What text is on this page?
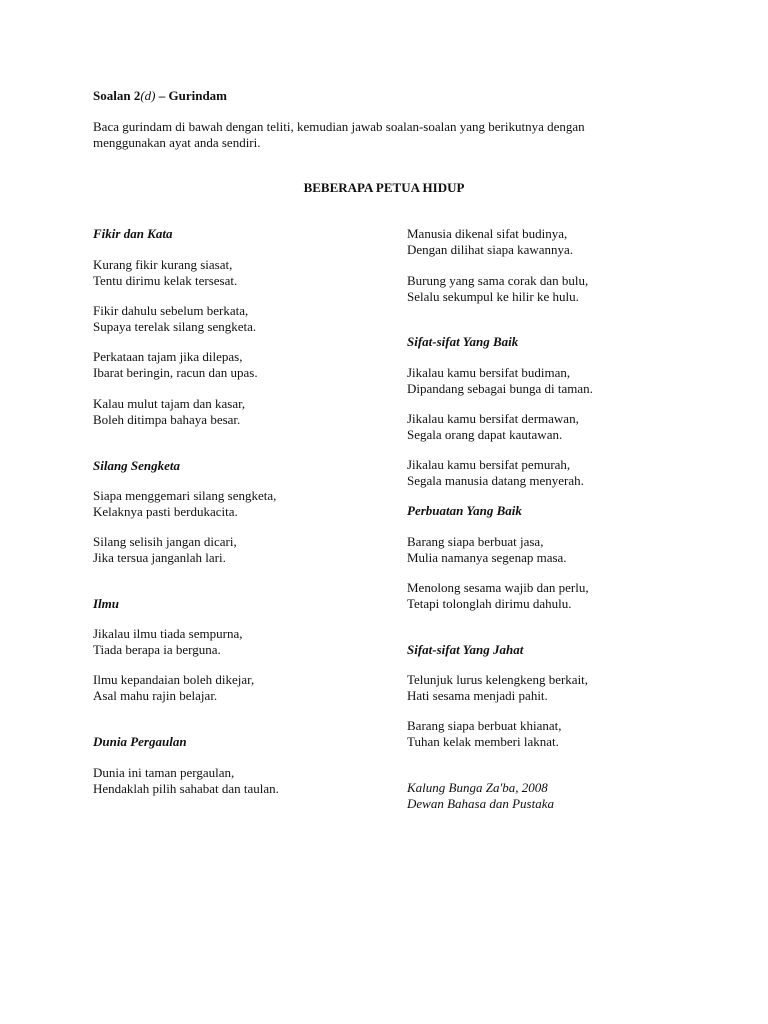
Soalan 2(d) – Gurindam
Baca gurindam di bawah dengan teliti, kemudian jawab soalan-soalan yang berikutnya dengan
menggunakan ayat anda sendiri.
BEBERAPA PETUA HIDUP
Fikir dan Kata
Kurang fikir kurang siasat,
Tentu dirimu kelak tersesat.
Fikir dahulu sebelum berkata,
Supaya terelak silang sengketa.
Perkataan tajam jika dilepas,
Ibarat beringin, racun dan upas.
Kalau mulut tajam dan kasar,
Boleh ditimpa bahaya besar.
Silang Sengketa
Siapa menggemari silang sengketa,
Kelaknya pasti berdukacita.
Silang selisih jangan dicari,
Jika tersua janganlah lari.
Ilmu
Jikalau ilmu tiada sempurna,
Tiada berapa ia berguna.
Ilmu kepandaian boleh dikejar,
Asal mahu rajin belajar.
Dunia Pergaulan
Dunia ini taman pergaulan,
Hendaklah pilih sahabat dan taulan.
Manusia dikenal sifat budinya,
Dengan dilihat siapa kawannya.
Burung yang sama corak dan bulu,
Selalu sekumpul ke hilir ke hulu.
Sifat-sifat Yang Baik
Jikalau kamu bersifat budiman,
Dipandang sebagai bunga di taman.
Jikalau kamu bersifat dermawan,
Segala orang dapat kautawan.
Jikalau kamu bersifat pemurah,
Segala manusia datang menyerah.
Perbuatan Yang Baik
Barang siapa berbuat jasa,
Mulia namanya segenap masa.
Menolong sesama wajib dan perlu,
Tetapi tolonglah dirimu dahulu.
Sifat-sifat Yang Jahat
Telunjuk lurus kelengkeng berkait,
Hati sesama menjadi pahit.
Barang siapa berbuat khianat,
Tuhan kelak memberi laknat.
Kalung Bunga Za'ba, 2008
Dewan Bahasa dan Pustaka
